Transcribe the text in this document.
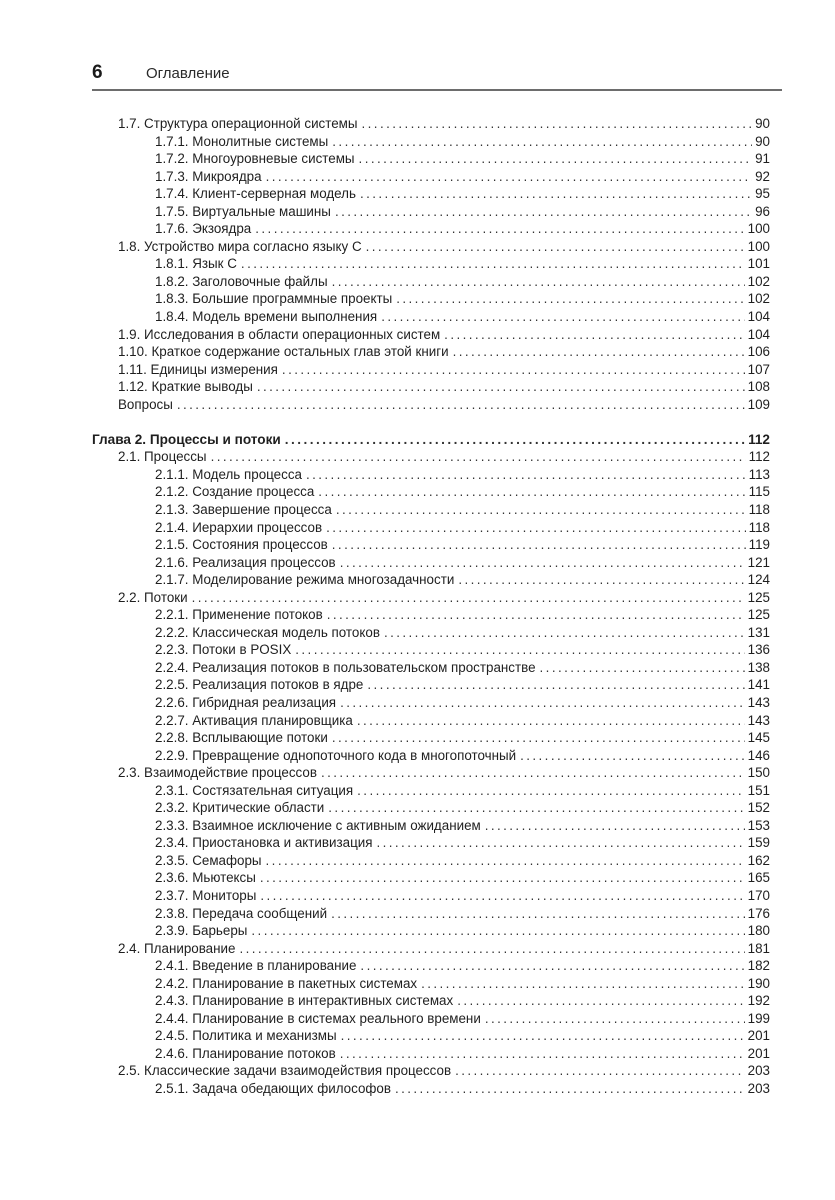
6	Оглавление
1.7. Структура операционной системы . . .	90
1.7.1. Монолитные системы . . .	90
1.7.2. Многоуровневые системы . . .	91
1.7.3. Микроядра . . .	92
1.7.4. Клиент-серверная модель . . .	95
1.7.5. Виртуальные машины . . .	96
1.7.6. Экзоядра . . .	100
1.8. Устройство мира согласно языку C . . .	100
1.8.1. Язык C . . .	101
1.8.2. Заголовочные файлы . . .	102
1.8.3. Большие программные проекты . . .	102
1.8.4. Модель времени выполнения . . .	104
1.9. Исследования в области операционных систем . . .	104
1.10. Краткое содержание остальных глав этой книги . . .	106
1.11. Единицы измерения . . .	107
1.12. Краткие выводы . . .	108
Вопросы . . .	109
Глава 2. Процессы и потоки . . .	112
2.1. Процессы . . .	112
2.1.1. Модель процесса . . .	113
2.1.2. Создание процесса . . .	115
2.1.3. Завершение процесса . . .	118
2.1.4. Иерархии процессов . . .	118
2.1.5. Состояния процессов . . .	119
2.1.6. Реализация процессов . . .	121
2.1.7. Моделирование режима многозадачности . . .	124
2.2. Потоки . . .	125
2.2.1. Применение потоков . . .	125
2.2.2. Классическая модель потоков . . .	131
2.2.3. Потоки в POSIX . . .	136
2.2.4. Реализация потоков в пользовательском пространстве . . .	138
2.2.5. Реализация потоков в ядре . . .	141
2.2.6. Гибридная реализация . . .	143
2.2.7. Активация планировщика . . .	143
2.2.8. Всплывающие потоки . . .	145
2.2.9. Превращение однопоточного кода в многопоточный . . .	146
2.3. Взаимодействие процессов . . .	150
2.3.1. Состязательная ситуация . . .	151
2.3.2. Критические области . . .	152
2.3.3. Взаимное исключение с активным ожиданием . . .	153
2.3.4. Приостановка и активизация . . .	159
2.3.5. Семафоры . . .	162
2.3.6. Мьютексы . . .	165
2.3.7. Мониторы . . .	170
2.3.8. Передача сообщений . . .	176
2.3.9. Барьеры . . .	180
2.4. Планирование . . .	181
2.4.1. Введение в планирование . . .	182
2.4.2. Планирование в пакетных системах . . .	190
2.4.3. Планирование в интерактивных системах . . .	192
2.4.4. Планирование в системах реального времени . . .	199
2.4.5. Политика и механизмы . . .	201
2.4.6. Планирование потоков . . .	201
2.5. Классические задачи взаимодействия процессов . . .	203
2.5.1. Задача обедающих философов . . .	203
